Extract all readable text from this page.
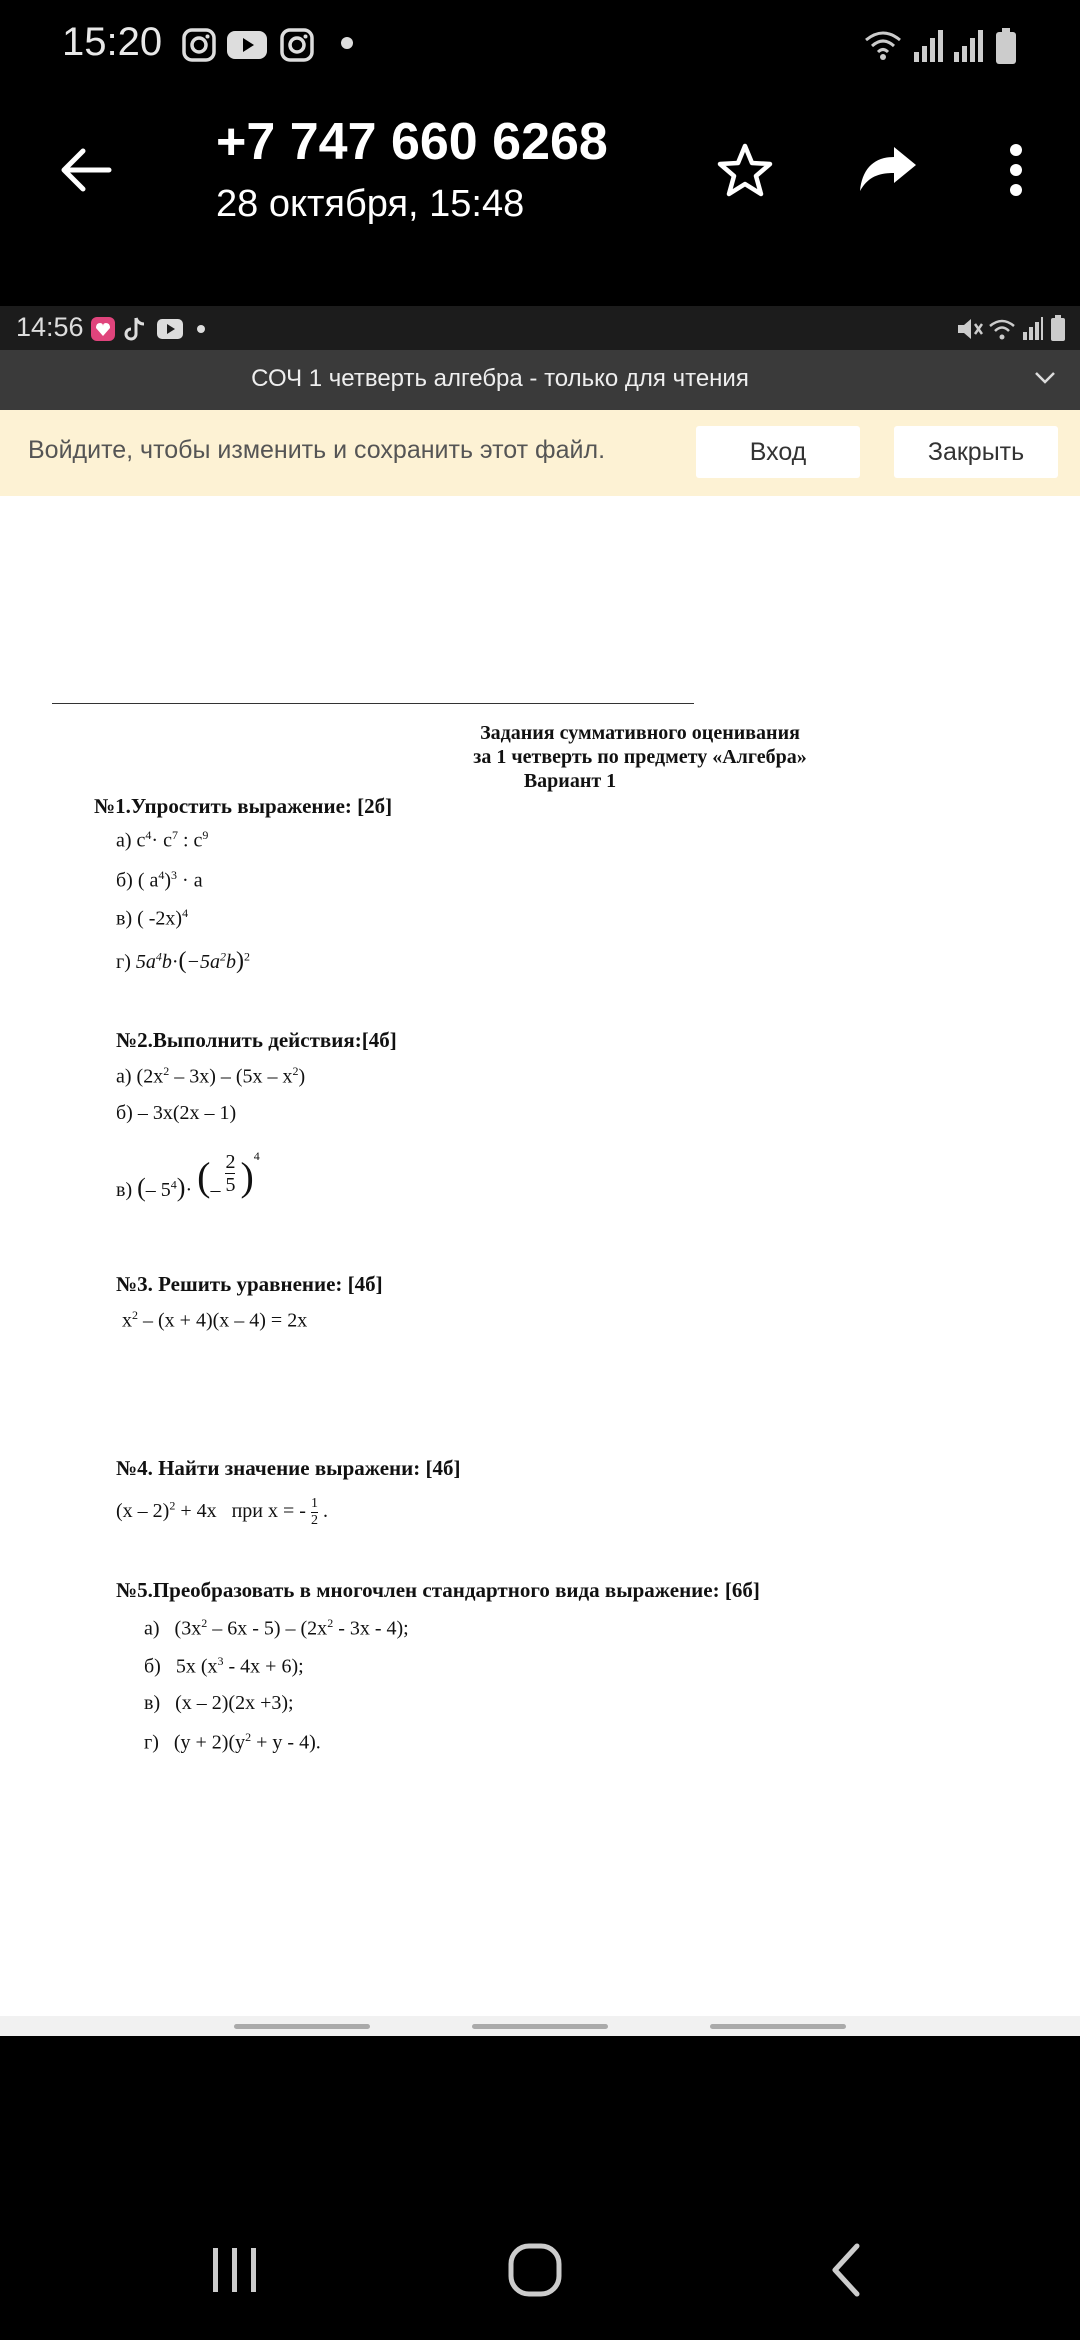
15:20
+7 747 660 6268
28 октября, 15:48
14:56
СОЧ 1 четверть алгебра - только для чтения
Войдите, чтобы изменить и сохранить этот файл.	Вход	Закрыть
Задания суммативного оценивания
за 1 четверть по предмету «Алгебра»
Вариант 1
№1.Упростить выражение: [2б]
а) $с^4\cdot с^7$ : $с^9$
б) ( $а^4)^3 \cdot а$
в) ( -2х)$^4$
г) $5a^4b\cdot(-5a^2b)^2$
№2.Выполнить действия:[4б]
а) $(2х^2 - 3х) - (5х - х^2)$
б) – 3х(2х – 1)
в) (– $5^4)\cdot$ (– $\frac{2}{5} )^4$
№3. Решить уравнение: [4б]
$х^2 - (х + 4)(х - 4) = 2х$
№4. Найти значение выражени: [4б]
(х – 2)$^2$ + 4х   при х = - $\frac{1}{2}$ .
№5.Преобразовать в многочлен стандартного вида выражение: [6б]
а)   $(3х^2 - 6х - 5) - (2х^2 - 3х - 4)$;
б)   5х $(х^3 - 4х + 6)$;
в)   (х – 2)(2х +3);
г)   $(у + 2)(у^2 + у - 4)$.
